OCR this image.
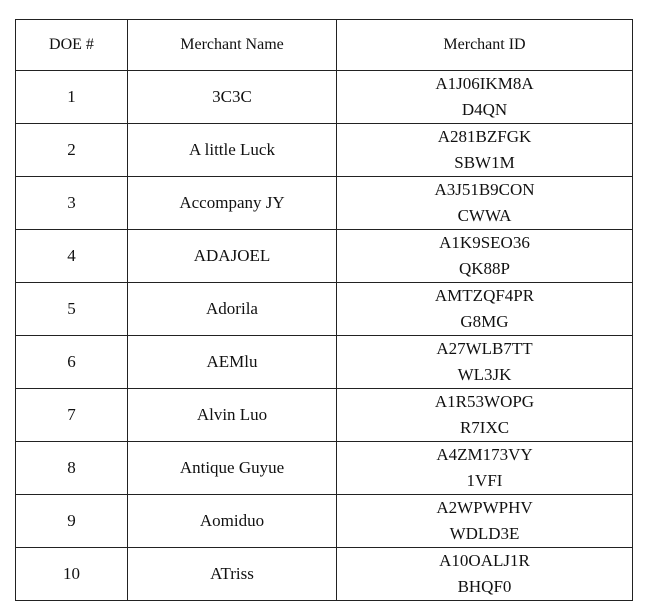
DOE #	Merchant Name	Merchant ID
1	3C3C	A1J06IKM8A
D4QN

2	A little Luck	A281BZFGK
SBW1M

3	Accompany JY	A3J51B9CON
CWWA

4	ADAJOEL	A1K9SEO36
QK88P

5	Adorila	AMTZQF4PR
G8MG

6	AEMlu	A27WLB7TT
WL3JK

7	Alvin Luo	A1R53WOPG
R7IXC

8	Antique Guyue	A4ZM173VY
1VFI

9	Aomiduo	A2WPWPHV
WDLD3E

10	ATriss	A10OALJ1R
BHQF0
